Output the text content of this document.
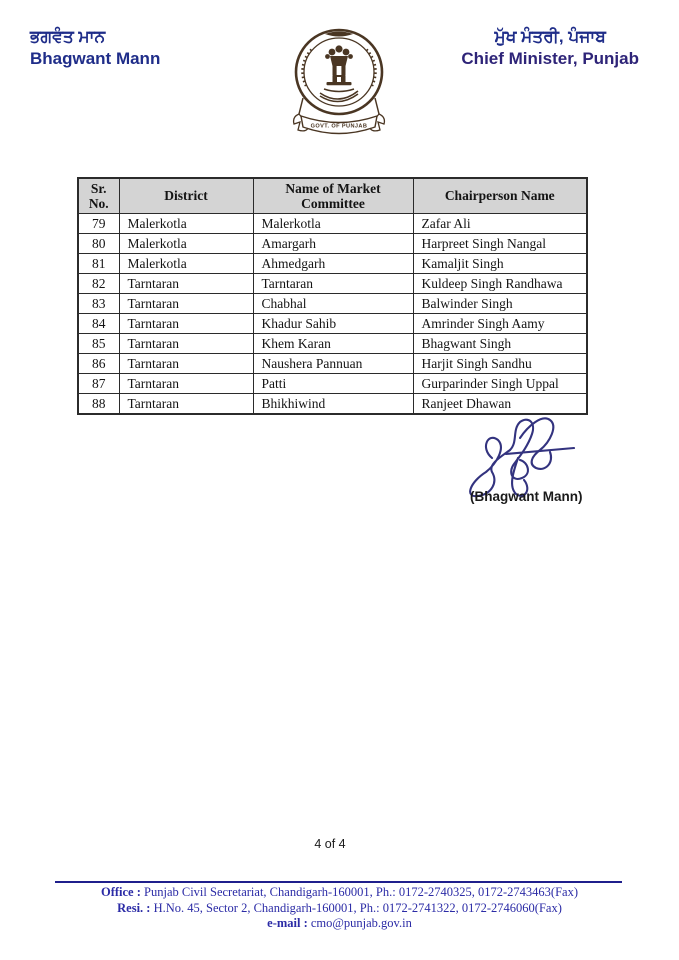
ਭਗਵੰਤ ਮਾਨ
Bhagwant Mann
GOVT. OF PUNJAB
ਮੁੱਖ ਮੰਤਰੀ, ਪੰਜਾਬ
Chief Minister, Punjab
Sr. No.	District	Name of Market Committee	Chairperson Name
79	Malerkotla	Malerkotla	Zafar Ali
80	Malerkotla	Amargarh	Harpreet Singh Nangal
81	Malerkotla	Ahmedgarh	Kamaljit Singh
82	Tarntaran	Tarntaran	Kuldeep Singh Randhawa
83	Tarntaran	Chabhal	Balwinder Singh
84	Tarntaran	Khadur Sahib	Amrinder Singh Aamy
85	Tarntaran	Khem Karan	Bhagwant Singh
86	Tarntaran	Naushera Pannuan	Harjit Singh Sandhu
87	Tarntaran	Patti	Gurparinder Singh Uppal
88	Tarntaran	Bhikhiwind	Ranjeet Dhawan
(Bhagwant Mann)
4 of 4
Office : Punjab Civil Secretariat, Chandigarh-160001, Ph.: 0172-2740325, 0172-2743463(Fax)
Resi. : H.No. 45, Sector 2, Chandigarh-160001, Ph.: 0172-2741322, 0172-2746060(Fax)
e-mail : cmo@punjab.gov.in
